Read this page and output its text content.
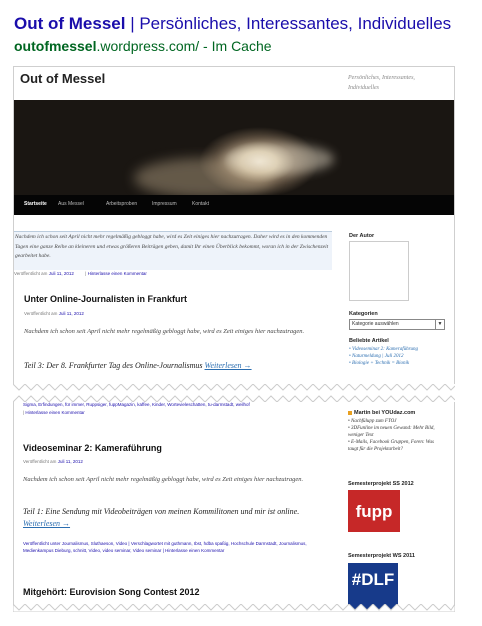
Out of Messel | Persönliches, Interessantes, Individuelles
outofmessel.wordpress.com/ - Im Cache
Out of Messel	Persönliches, Interessantes, Individuelles
Startseite Aus Messel	Arbeitsproben	Impressum	Kontakt
Nachdem ich schon seit April nicht mehr regelmäßig gebloggt habe, wird es Zeit einiges hier nachzutragen. Daher wird es in den kommenden Tagen eine ganze Reihe an kleineren und etwas größeren Beiträgen geben, damit Ihr einen Überblick bekommt, woran ich in der Zwischenzeit gearbeitet habe.
Veröffentlicht am Juli 11, 2012         | Hinterlasse einen Kommentar
Unter Online-Journalisten in Frankfurt
Veröffentlicht am Juli 11, 2012
Nachdem ich schon seit April nicht mehr regelmäßig gebloggt habe, wird es Zeit einiges hier nachzutragen.
Teil 3: Der 8. Frankfurter Tag des Online-Journalismus Weiterlesen →
Der Autor
Kategorien
Kategorie auswählen	▼
Beliebte Artikel
• Videoseminar 2: Kameraführung
• Naturmeldung | Juli 2012
• Biologie + Technik = Bionik
Sigma, Erfindungen, für immer, Ruppsiger, fuppMagazin, kaffee, Kinder, Wortevieleschatten, tu-darmstadt, weilhof
| Hinterlasse einen Kommentar
Videoseminar 2: Kameraführung
Veröffentlicht am Juli 11, 2012
Nachdem ich schon seit April nicht mehr regelmäßig gebloggt habe, wird es Zeit einiges hier nachzutragen.
Teil 1: Eine Sendung mit Videobeiträgen von meinen Kommilitonen und mir ist online. Weiterlesen →
Veröffentlicht unter Journalismus, Sluthaeson, Video | Verschlagwortet mit guthmann, Ibst, hdba spaßig, Hochschule Darmstadt, Journalismus, Medienkampus Dieburg, schnitt, Video, video seminar, Video seminar | Hinterlasse einen Kommentar
Mitgehört: Eurovision Song Contest 2012
Martin bei YOUdaz.com
• Nachfülupp zum FTOJ
• 3DFunline im neuen Gewand: Mehr Bild, weniger Text
• E-Mails, Facebook Gruppen, Foren: Was taugt für die Projektarbeit?
Semesterprojekt SS 2012
fupp
Semesterprojekt WS 2011
#DLF
